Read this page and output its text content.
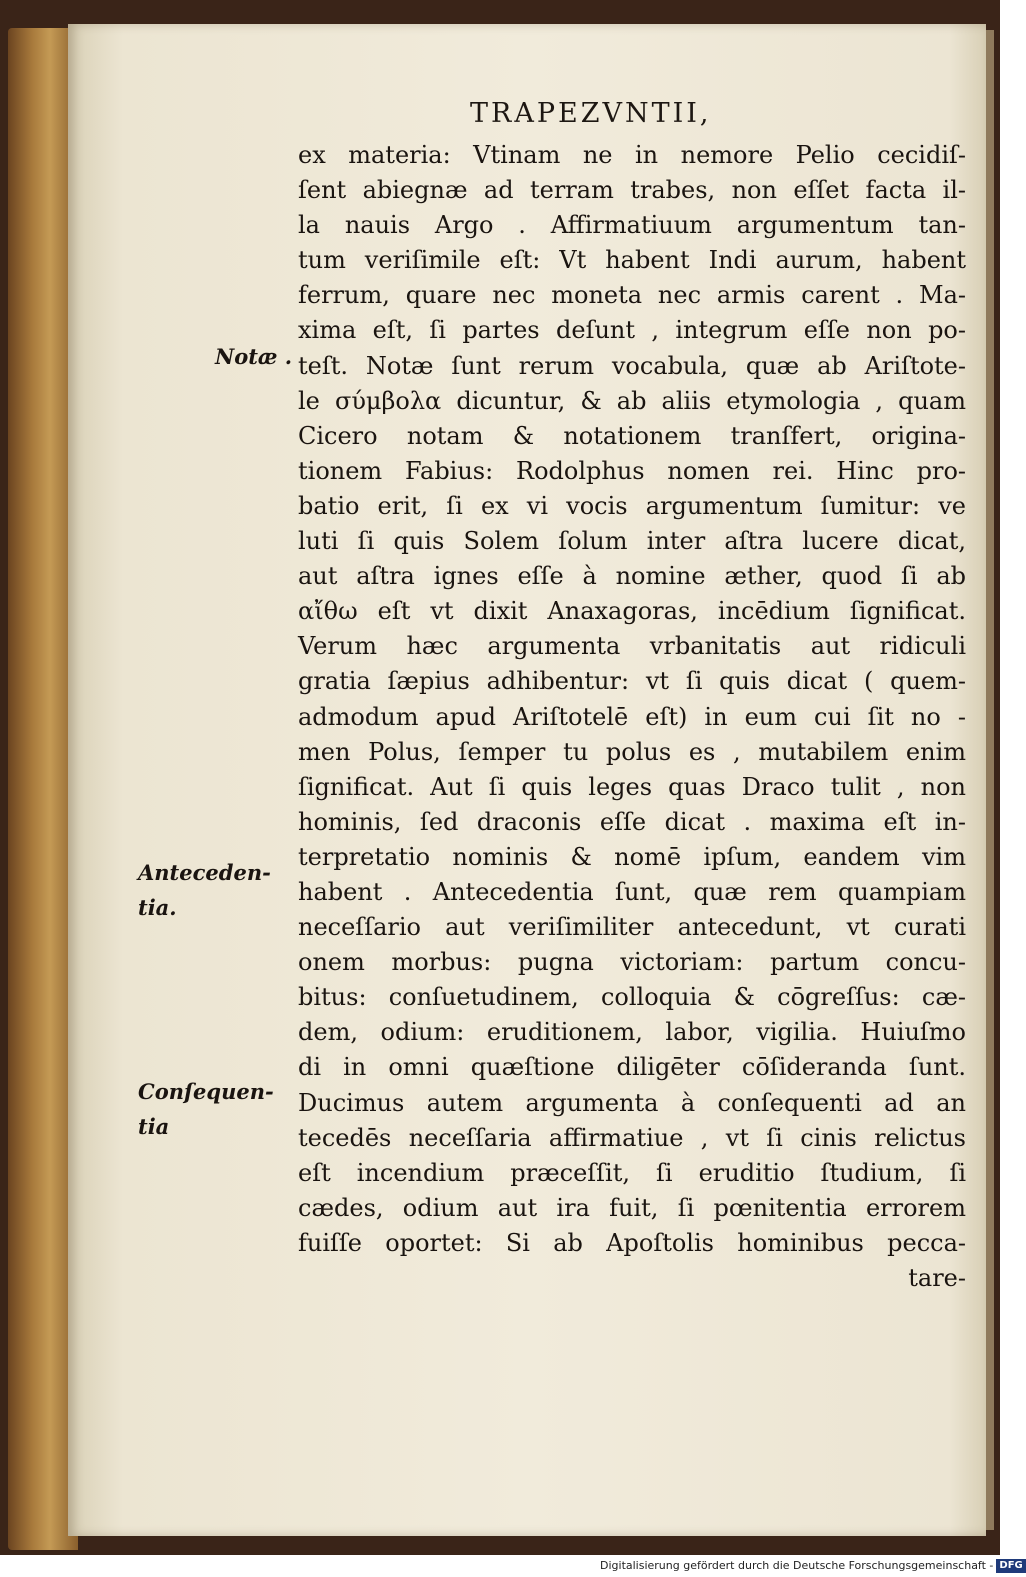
TRAPEZVNTII,
Notæ .
Anteceden-
tia.
Conſequen-
tia
ex materia: Vtinam ne in nemore Pelio cecidiſ-
ſent abiegnæ ad terram trabes, non eſſet facta il-
la nauis Argo . Affirmatiuum argumentum tan-
tum veriſimile eſt: Vt habent Indi aurum, habent
ferrum, quare nec moneta nec armis carent . Ma-
xima eſt, ſi partes deſunt , integrum eſſe non po-
teſt. Notæ ſunt rerum vocabula, quæ ab Ariſtote-
le σύμβολα dicuntur, & ab aliis etymologia , quam
Cicero notam & notationem tranſfert, origina-
tionem Fabius: Rodolphus nomen rei. Hinc pro-
batio erit, ſi ex vi vocis argumentum ſumitur: ve
luti ſi quis Solem ſolum inter aſtra lucere dicat,
aut aſtra ignes eſſe à nomine æther, quod ſi ab
αἴθω eſt vt dixit Anaxagoras, incēdium ſignificat.
Verum hæc argumenta vrbanitatis aut ridiculi
gratia ſæpius adhibentur: vt ſi quis dicat ( quem-
admodum apud Ariſtotelē eſt) in eum cui ſit no -
men Polus, ſemper tu polus es , mutabilem enim
ſignificat. Aut ſi quis leges quas Draco tulit , non
hominis, ſed draconis eſſe dicat . maxima eſt in-
terpretatio nominis & nomē ipſum, eandem vim
habent . Antecedentia ſunt, quæ rem quampiam
neceſſario aut veriſimiliter antecedunt, vt curati
onem morbus: pugna victoriam: partum concu-
bitus: conſuetudinem, colloquia & cōgreſſus: cæ-
dem, odium: eruditionem, labor, vigilia. Huiuſmo
di in omni quæſtione diligēter cōſideranda ſunt.
Ducimus autem argumenta à conſequenti ad an
tecedēs neceſſaria affirmatiue , vt ſi cinis relictus
eſt incendium præceſſit, ſi eruditio ſtudium, ſi
cædes, odium aut ira fuit, ſi pœnitentia errorem
fuiſſe oportet: Si ab Apoſtolis hominibus pecca-
tare-
Digitalisierung gefördert durch die Deutsche Forschungsgemeinschaft - DFG
